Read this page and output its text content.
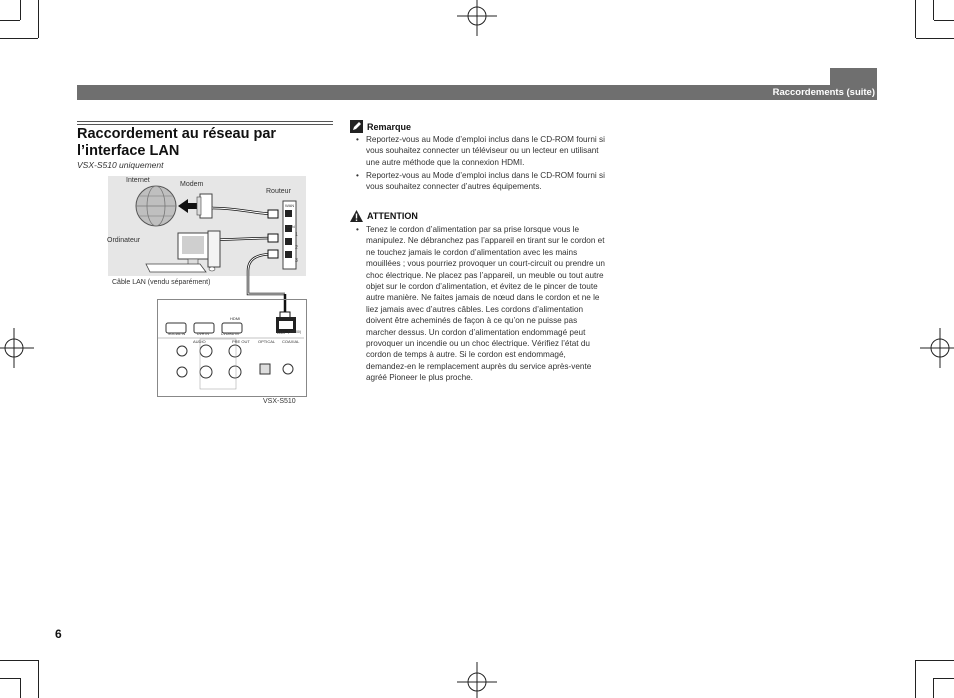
Raccordements (suite)
Raccordement au réseau par
l’interface LAN
VSX-S510 uniquement
Internet
Modem
Routeur
Ordinateur
WAN
LAN
1
2
3
Câble LAN (vendu séparément)
HDMI
LAN (10/100)
SOCIAL IN	DVR IN	DVD/BD IN
AUDIO	PRE OUT OPTICAL COAXIAL
VSX-S510
Remarque
• Reportez-vous au Mode d’emploi inclus dans le CD-ROM fourni si vous souhaitez connecter un téléviseur ou un lecteur en utilisant une autre méthode que la connexion HDMI.
• Reportez-vous au Mode d’emploi inclus dans le CD-ROM fourni si vous souhaitez connecter d’autres équipements.
ATTENTION
• Tenez le cordon d’alimentation par sa prise lorsque vous le manipulez. Ne débranchez pas l’appareil en tirant sur le cordon et ne touchez jamais le cordon d’alimentation avec les mains mouillées ; vous pourriez provoquer un court-circuit ou prendre un choc électrique. Ne placez pas l’appareil, un meuble ou tout autre objet sur le cordon d’alimentation, et évitez de le pincer de toute autre manière. Ne faites jamais de nœud dans le cordon et ne le liez jamais avec d’autres câbles. Les cordons d’alimentation doivent être acheminés de façon à ce qu’on ne puisse pas marcher dessus. Un cordon d’alimentation endommagé peut provoquer un incendie ou un choc électrique. Vérifiez l’état du cordon de temps à autre. Si le cordon est endommagé, demandez-en le remplacement auprès du service après-vente agréé Pioneer le plus proche.
6
